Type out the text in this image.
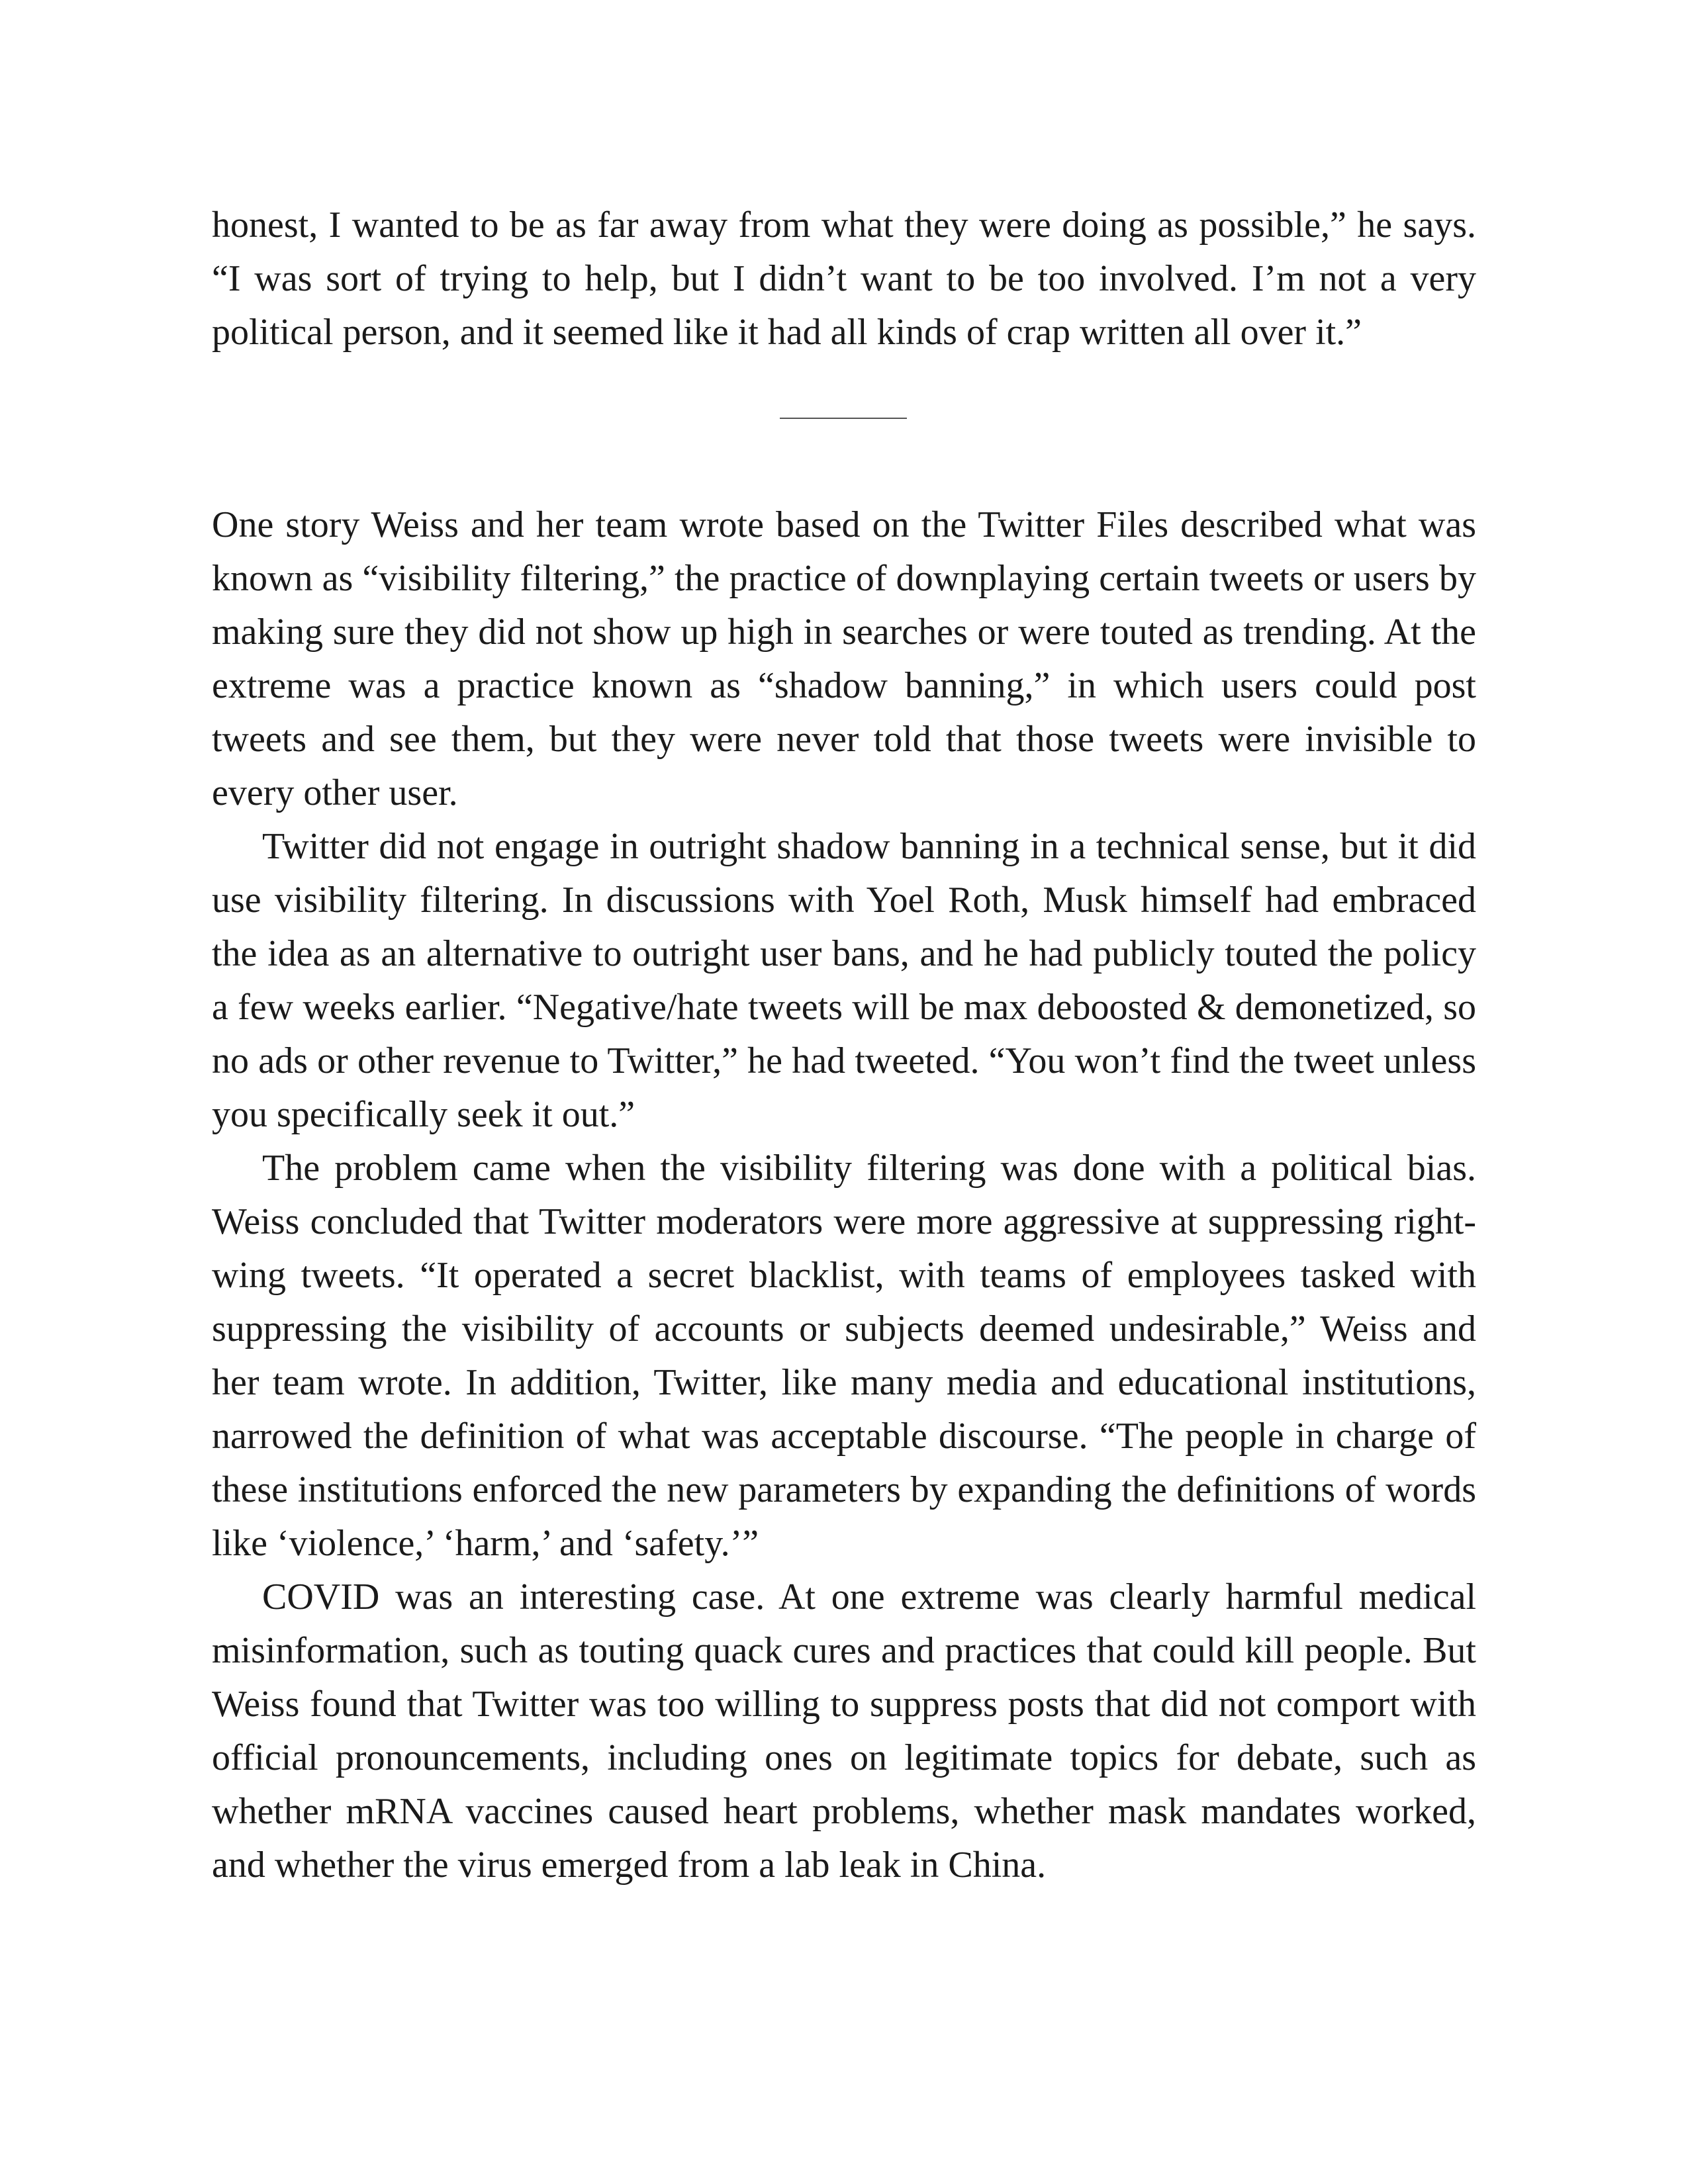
honest, I wanted to be as far away from what they were doing as possible,” he says. “I was sort of trying to help, but I didn’t want to be too involved. I’m not a very political person, and it seemed like it had all kinds of crap written all over it.”

One story Weiss and her team wrote based on the Twitter Files described what was known as “visibility filtering,” the practice of downplaying certain tweets or users by making sure they did not show up high in searches or were touted as trending. At the extreme was a practice known as “shadow banning,” in which users could post tweets and see them, but they were never told that those tweets were invisible to every other user.

Twitter did not engage in outright shadow banning in a technical sense, but it did use visibility filtering. In discussions with Yoel Roth, Musk himself had embraced the idea as an alternative to outright user bans, and he had publicly touted the policy a few weeks earlier. “Negative/hate tweets will be max deboosted & demonetized, so no ads or other revenue to Twitter,” he had tweeted. “You won’t find the tweet unless you specifically seek it out.”

The problem came when the visibility filtering was done with a political bias. Weiss concluded that Twitter moderators were more aggressive at suppressing right-wing tweets. “It operated a secret blacklist, with teams of employees tasked with suppressing the visibility of accounts or subjects deemed undesirable,” Weiss and her team wrote. In addition, Twitter, like many media and educational institutions, narrowed the definition of what was acceptable discourse. “The people in charge of these institutions enforced the new parameters by expanding the definitions of words like ‘violence,’ ‘harm,’ and ‘safety.’”

COVID was an interesting case. At one extreme was clearly harmful medical misinformation, such as touting quack cures and practices that could kill people. But Weiss found that Twitter was too willing to suppress posts that did not comport with official pronouncements, including ones on legitimate topics for debate, such as whether mRNA vaccines caused heart problems, whether mask mandates worked, and whether the virus emerged from a lab leak in China.
